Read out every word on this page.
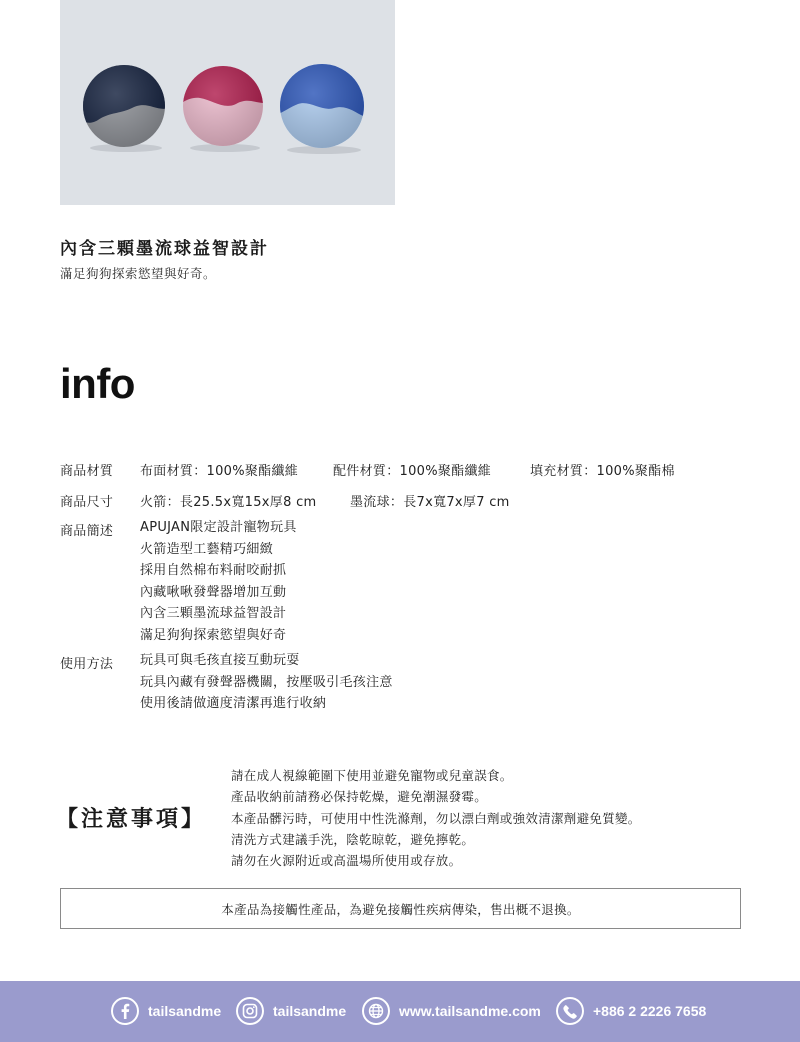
內含三顆墨流球益智設計
滿足狗狗探索慾望與好奇。
info
商品材質	布面材質：100%聚酯纖維	配件材質：100%聚酯纖維	填充材質：100%聚酯棉
商品尺寸	火箭：長25.5x寬15x厚8 cm	墨流球：長7x寬7x厚7 cm
商品簡述	APUJAN限定設計寵物玩具
火箭造型工藝精巧細緻
採用自然棉布料耐咬耐抓
內藏啾啾發聲器增加互動
內含三顆墨流球益智設計
滿足狗狗探索慾望與好奇
使用方法	玩具可與毛孩直接互動玩耍
玩具內藏有發聲器機關，按壓吸引毛孩注意
使用後請做適度清潔再進行收納
【注意事項】
請在成人視線範圍下使用並避免寵物或兒童誤食。
產品收納前請務必保持乾燥，避免潮濕發霉。
本產品髒污時，可使用中性洗滌劑，勿以漂白劑或強效清潔劑避免質變。
清洗方式建議手洗，陰乾晾乾，避免擰乾。
請勿在火源附近或高溫場所使用或存放。
本產品為接觸性產品，為避免接觸性疾病傳染，售出概不退換。
tailsandme	tailsandme	www.tailsandme.com	+886 2 2226 7658
